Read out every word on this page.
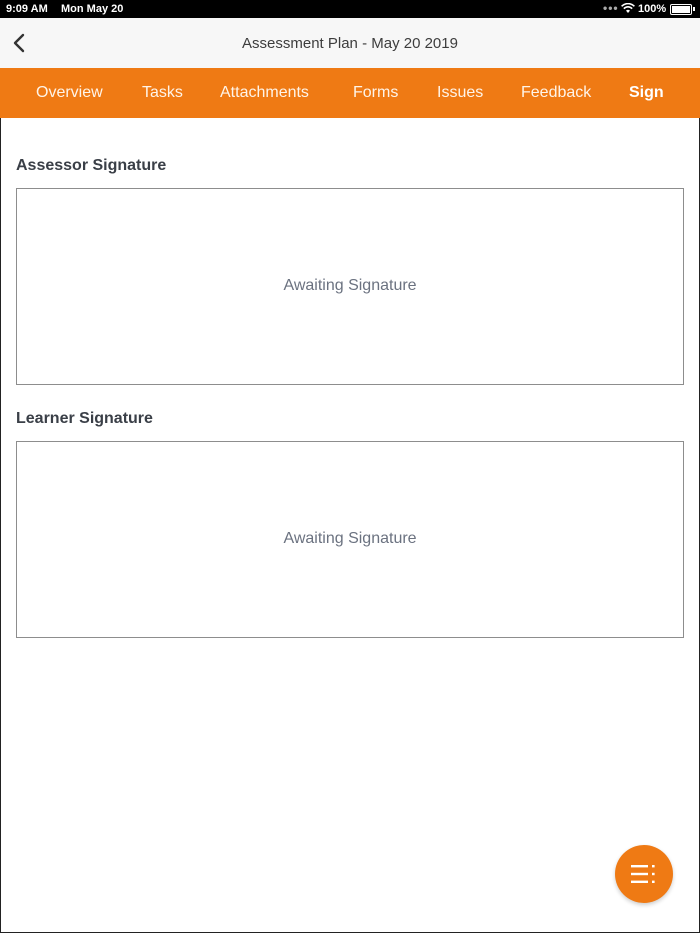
9:09 AM Mon May 20	••• 100%
Assessment Plan - May 20 2019
Overview Tasks Attachments	Forms Issues Feedback Sign
Assessor Signature
Awaiting Signature
Learner Signature
Awaiting Signature
